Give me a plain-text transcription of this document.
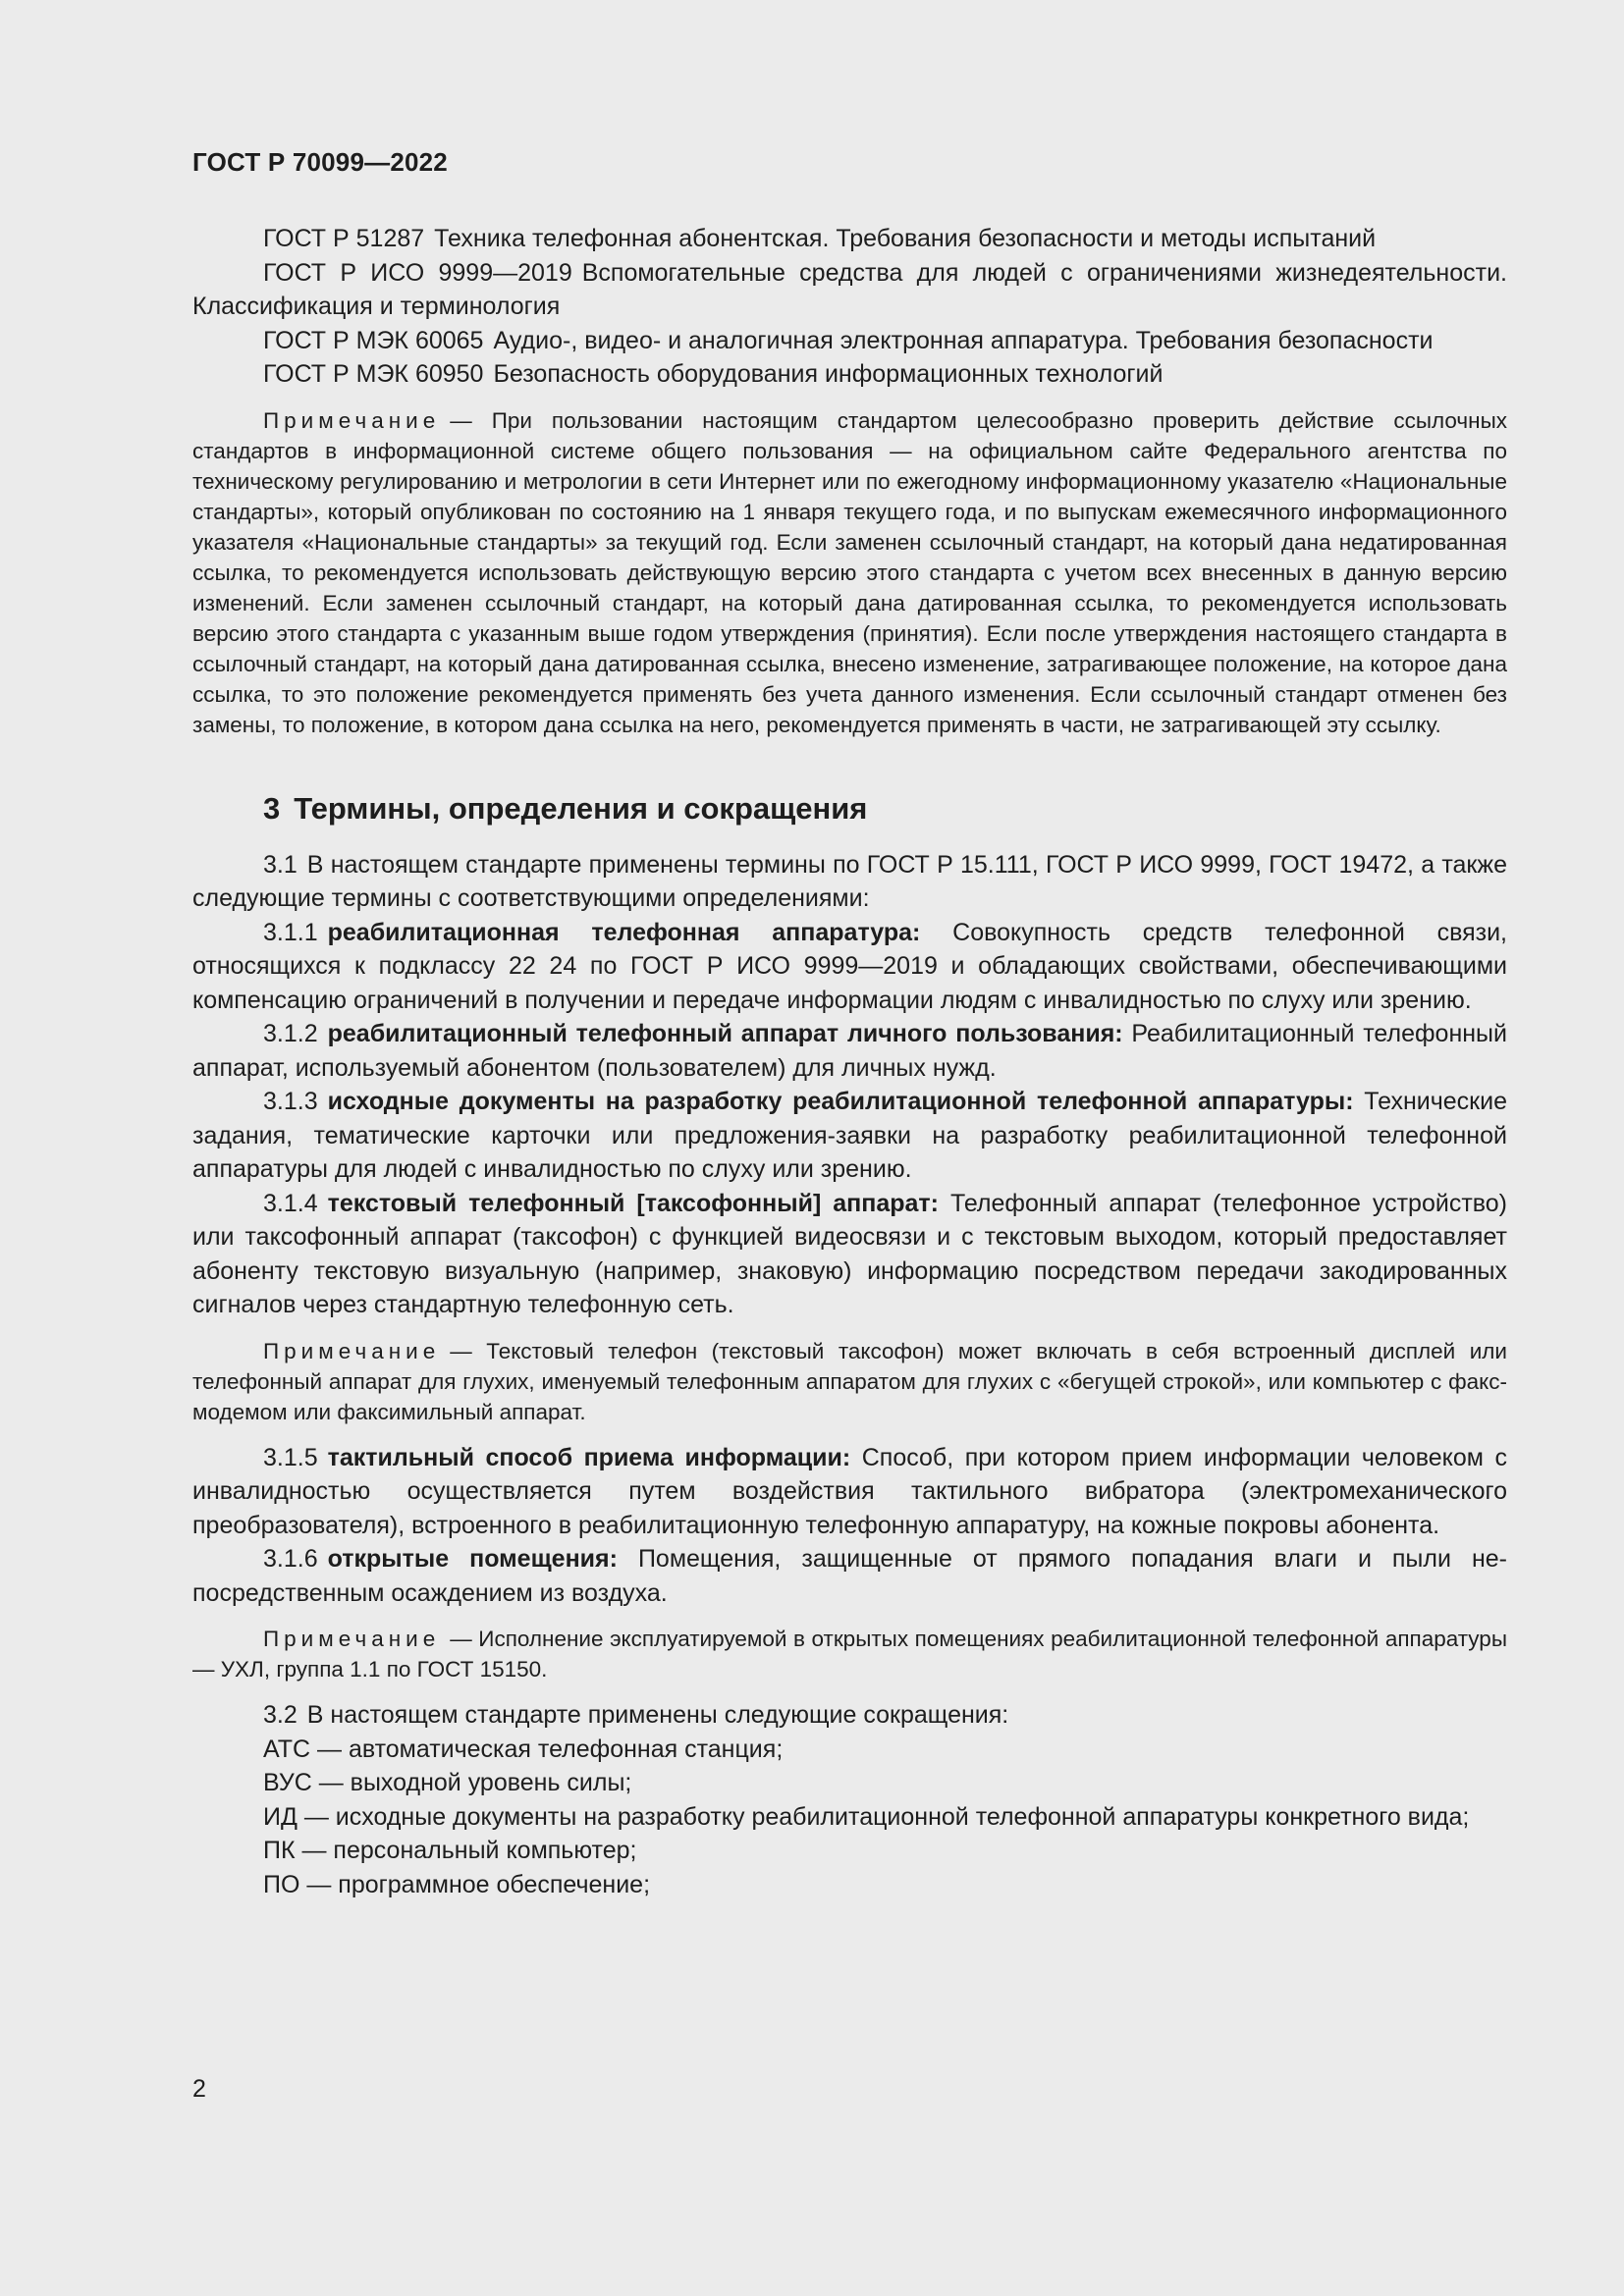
ГОСТ Р 70099—2022

ГОСТ Р 51287 Техника телефонная абонентская. Требования безопасности и методы испытаний

ГОСТ Р ИСО 9999—2019 Вспомогательные средства для людей с ограничениями жизнедеятельности. Классификация и терминология

ГОСТ Р МЭК 60065 Аудио-, видео- и аналогичная электронная аппаратура. Требования безопасности

ГОСТ Р МЭК 60950 Безопасность оборудования информационных технологий

Примечание — При пользовании настоящим стандартом целесообразно проверить действие ссылочных стандартов в информационной системе общего пользования — на официальном сайте Федерального агентства по техническому регулированию и метрологии в сети Интернет или по ежегодному информационному указателю «Национальные стандарты», который опубликован по состоянию на 1 января текущего года, и по выпускам ежемесячного информационного указателя «Национальные стандарты» за текущий год. Если заменен ссылочный стандарт, на который дана недатированная ссылка, то рекомендуется использовать действующую версию этого стандарта с учетом всех внесенных в данную версию изменений. Если заменен ссылочный стандарт, на который дана датированная ссылка, то рекомендуется использовать версию этого стандарта с указанным выше годом утверждения (принятия). Если после утверждения настоящего стандарта в ссылочный стандарт, на который дана датированная ссылка, внесено изменение, затрагивающее положение, на которое дана ссылка, то это положение рекомендуется применять без учета данного изменения. Если ссылочный стандарт отменен без замены, то положение, в котором дана ссылка на него, рекомендуется применять в части, не затрагивающей эту ссылку.

3 Термины, определения и сокращения

3.1 В настоящем стандарте применены термины по ГОСТ Р 15.111, ГОСТ Р ИСО 9999, ГОСТ 19472, а также следующие термины с соответствующими определениями:

3.1.1 реабилитационная телефонная аппаратура: Совокупность средств телефонной связи, относящихся к подклассу 22 24 по ГОСТ Р ИСО 9999—2019 и обладающих свойствами, обеспечивающими компенсацию ограничений в получении и передаче информации людям с инвалидностью по слуху или зрению.

3.1.2 реабилитационный телефонный аппарат личного пользования: Реабилитационный телефонный аппарат, используемый абонентом (пользователем) для личных нужд.

3.1.3 исходные документы на разработку реабилитационной телефонной аппаратуры: Технические задания, тематические карточки или предложения-заявки на разработку реабилитационной телефонной аппаратуры для людей с инвалидностью по слуху или зрению.

3.1.4 текстовый телефонный [таксофонный] аппарат: Телефонный аппарат (телефонное устройство) или таксофонный аппарат (таксофон) с функцией видеосвязи и с текстовым выходом, который предоставляет абоненту текстовую визуальную (например, знаковую) информацию посредством передачи закодированных сигналов через стандартную телефонную сеть.

Примечание — Текстовый телефон (текстовый таксофон) может включать в себя встроенный дисплей или телефонный аппарат для глухих, именуемый телефонным аппаратом для глухих с «бегущей строкой», или компьютер с факс-модемом или факсимильный аппарат.

3.1.5 тактильный способ приема информации: Способ, при котором прием информации человеком с инвалидностью осуществляется путем воздействия тактильного вибратора (электромеханического преобразователя), встроенного в реабилитационную телефонную аппаратуру, на кожные покровы абонента.

3.1.6 открытые помещения: Помещения, защищенные от прямого попадания влаги и пыли непосредственным осаждением из воздуха.

Примечание — Исполнение эксплуатируемой в открытых помещениях реабилитационной телефонной аппаратуры — УХЛ, группа 1.1 по ГОСТ 15150.

3.2 В настоящем стандарте применены следующие сокращения:

АТС — автоматическая телефонная станция;

ВУС — выходной уровень силы;

ИД — исходные документы на разработку реабилитационной телефонной аппаратуры конкретного вида;

ПК — персональный компьютер;

ПО — программное обеспечение;

2
